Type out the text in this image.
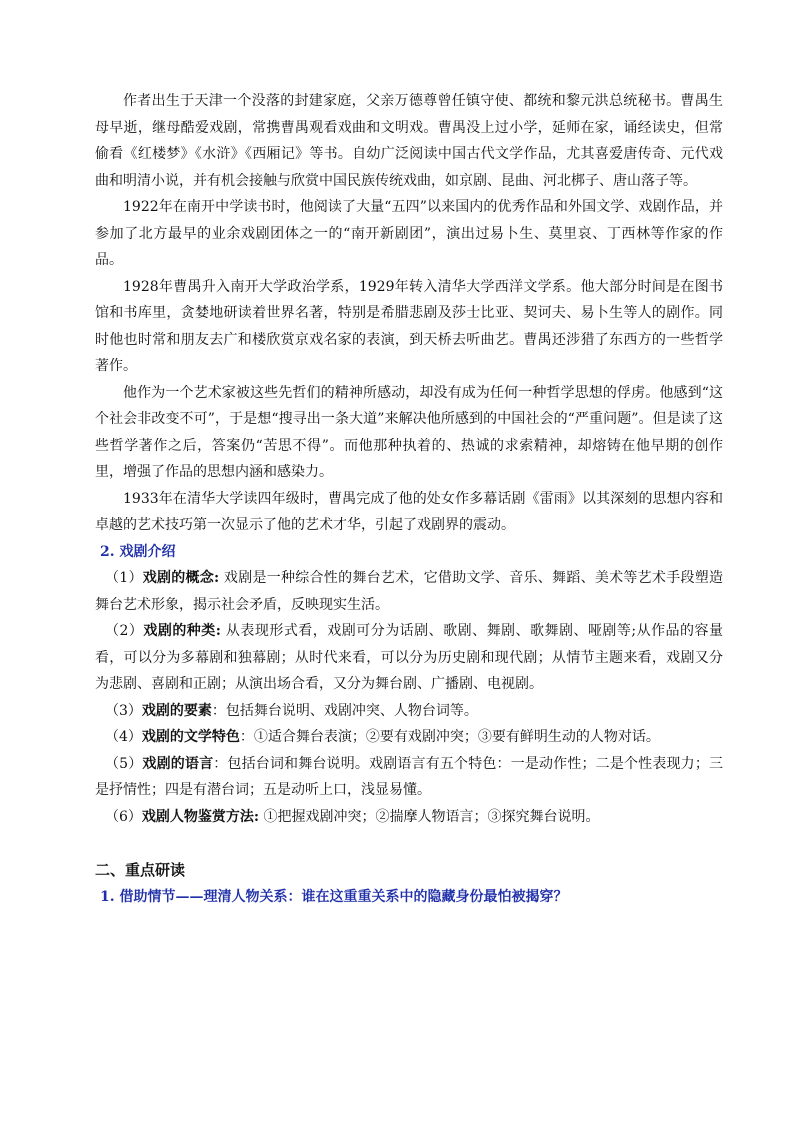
作者出生于天津一个没落的封建家庭，父亲万德尊曾任镇守使、都统和黎元洪总统秘书。曹禺生母早逝，继母酷爱戏剧，常携曹禺观看戏曲和文明戏。曹禺没上过小学，延师在家，诵经读史，但常偷看《红楼梦》《水浒》《西厢记》等书。自幼广泛阅读中国古代文学作品，尤其喜爱唐传奇、元代戏曲和明清小说，并有机会接触与欣赏中国民族传统戏曲，如京剧、昆曲、河北梆子、唐山落子等。

1922年在南开中学读书时，他阅读了大量“五四”以来国内的优秀作品和外国文学、戏剧作品，并参加了北方最早的业余戏剧团体之一的“南开新剧团”，演出过易卜生、莫里哀、丁西林等作家的作品。

1928年曹禺升入南开大学政治学系，1929年转入清华大学西洋文学系。他大部分时间是在图书馆和书库里，贪婪地研读着世界名著，特别是希腊悲剧及莎士比亚、契诃夫、易卜生等人的剧作。同时他也时常和朋友去广和楼欣赏京戏名家的表演，到天桥去听曲艺。曹禺还涉猎了东西方的一些哲学著作。

他作为一个艺术家被这些先哲们的精神所感动，却没有成为任何一种哲学思想的俘虏。他感到“这个社会非改变不可”，于是想“搜寻出一条大道”来解决他所感到的中国社会的“严重问题”。但是读了这些哲学著作之后，答案仍“苦思不得”。而他那种执着的、热诚的求索精神，却熔铸在他早期的创作里，增强了作品的思想内涵和感染力。

1933年在清华大学读四年级时，曹禺完成了他的处女作多幕话剧《雷雨》以其深刻的思想内容和卓越的艺术技巧第一次显示了他的艺术才华，引起了戏剧界的震动。

2. 戏剧介绍

（1）戏剧的概念: 戏剧是一种综合性的舞台艺术，它借助文学、音乐、舞蹈、美术等艺术手段塑造舞台艺术形象，揭示社会矛盾，反映现实生活。

（2）戏剧的种类: 从表现形式看，戏剧可分为话剧、歌剧、舞剧、歌舞剧、哑剧等;从作品的容量看，可以分为多幕剧和独幕剧；从时代来看，可以分为历史剧和现代剧；从情节主题来看，戏剧又分为悲剧、喜剧和正剧；从演出场合看，又分为舞台剧、广播剧、电视剧。

（3）戏剧的要素：包括舞台说明、戏剧冲突、人物台词等。

（4）戏剧的文学特色：①适合舞台表演；②要有戏剧冲突；③要有鲜明生动的人物对话。

（5）戏剧的语言：包括台词和舞台说明。戏剧语言有五个特色：一是动作性；二是个性表现力；三是抒情性；四是有潜台词；五是动听上口，浅显易懂。

（6）戏剧人物鉴赏方法: ①把握戏剧冲突；②揣摩人物语言；③探究舞台说明。

二、重点研读

1. 借助情节——理清人物关系：谁在这重重关系中的隐藏身份最怕被揭穿？
